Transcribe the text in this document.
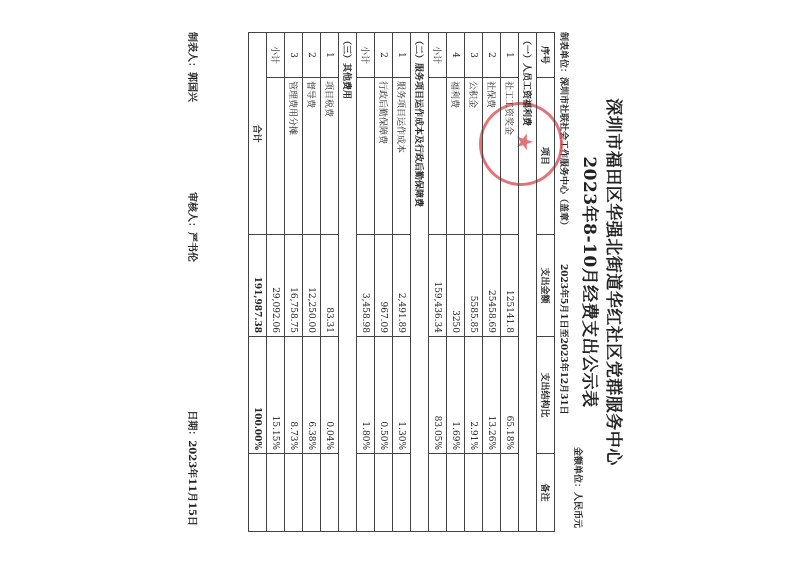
深圳市福田区华强北街道华红社区党群服务中心
2023年8-10月经费支出公示表
金额单位：人民币元
制表单位：深圳市社联社会工作服务中心（盖章）
2023年5月1日至2023年12月31日
★
序号	项目	支出金额	支出结构比	备注
（一）人员工资福利费				
1	社工工资奖金	125141.8	65.18%	
2	社保费	25458.69	13.26%	
3	公积金	5585.85	2.91%	
4	福利费	3250	1.69%	
小计		159,436.34	83.05%	
（二）服务项目运作成本及行政后勤保障费				
1	服务项目运作成本	2,491.89	1.30%	
2	行政后勤保障费	967.09	0.50%	
小计		3,458.98	1.80%	
（三）其他费用				
1	项目税费	83.31	0.04%	
2	督导费	12,250.00	6.38%	
3	管理费用分摊	16,758.75	8.73%	
小计		29,092.06	15.15%	
合计		191,987.38	100.00%	
制表人：郭国兴
审核人：严书伦
日期：2023年11月15日
